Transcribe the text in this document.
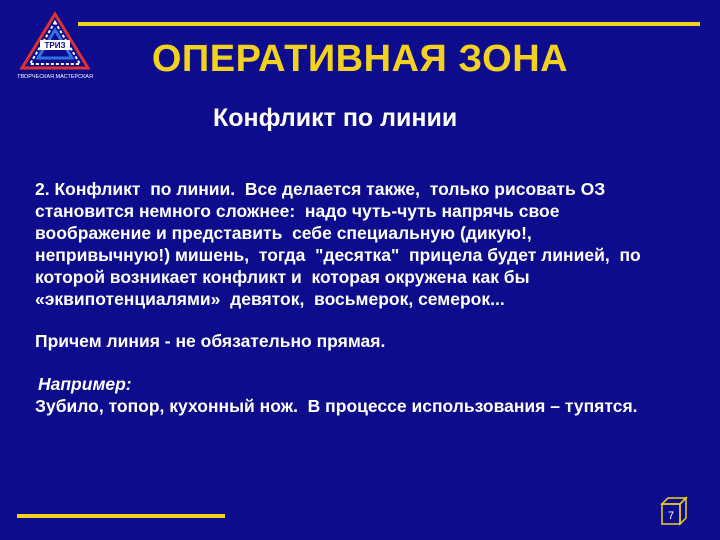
ТРИЗ
ТВОРЧЕСКАЯ МАСТЕРСКАЯ	ОПЕРАТИВНАЯ ЗОНА
Конфликт по линии

2. Конфликт  по линии.  Все делается также,  только рисовать ОЗ

становится немного сложнее:  надо чуть-чуть напрячь свое

воображение и представить  себе специальную (дикую!,

непривычную!) мишень,  тогда  "десятка"  прицела будет линией,  по

которой возникает конфликт и  которая окружена как бы

«эквипотенциалями»  девяток,  восьмерок, семерок...

Причем линия - не обязательно прямая.
Например:
Зубило, топор, кухонный нож.  В процессе использования – тупятся.
7
